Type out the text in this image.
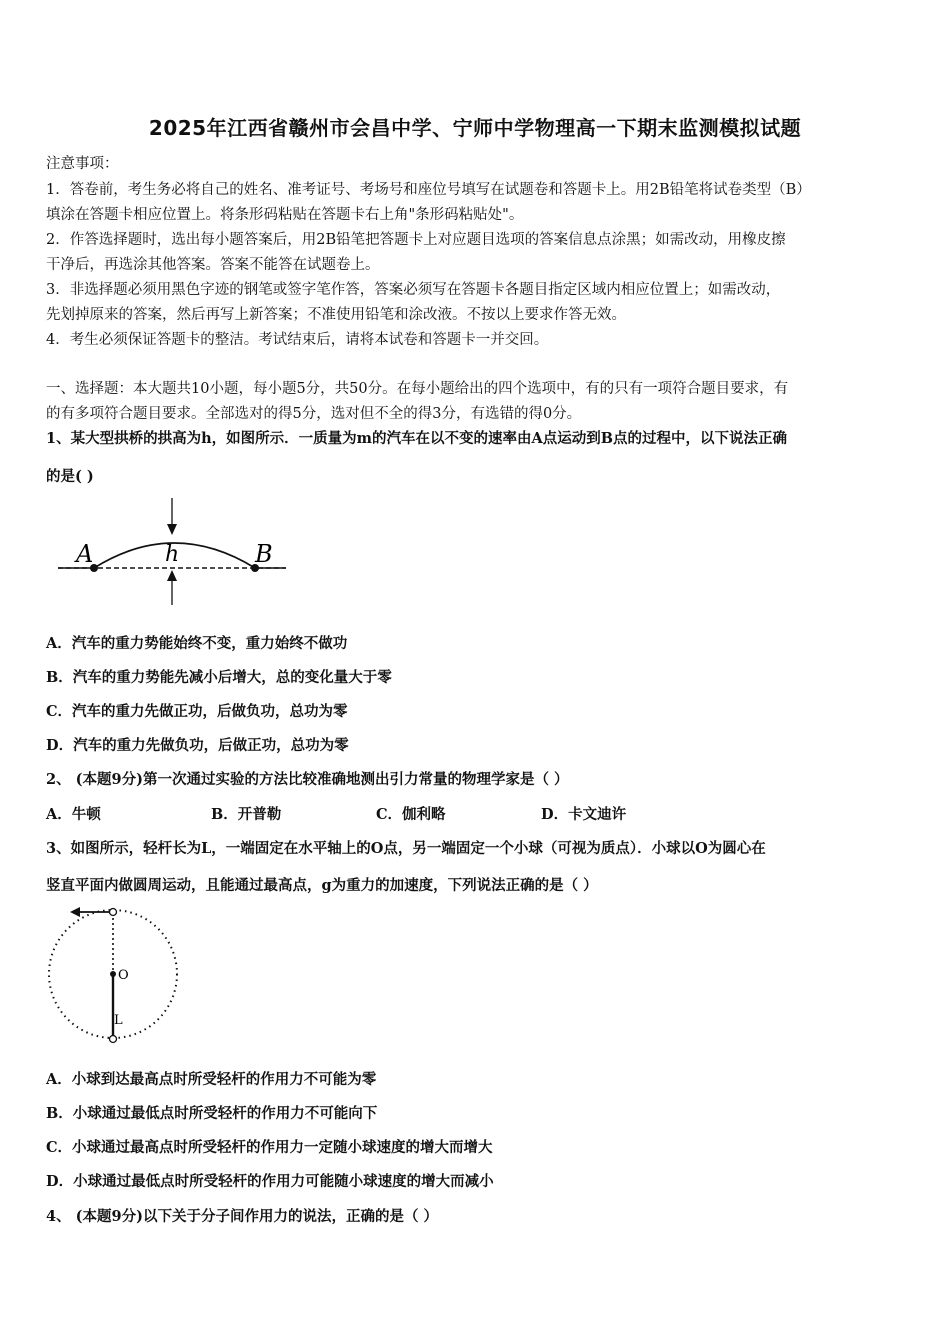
2025年江西省赣州市会昌中学、宁师中学物理高一下期末监测模拟试题
注意事项：
1．答卷前，考生务必将自己的姓名、准考证号、考场号和座位号填写在试题卷和答题卡上。用2B铅笔将试卷类型（B）
填涂在答题卡相应位置上。将条形码粘贴在答题卡右上角"条形码粘贴处"。
2．作答选择题时，选出每小题答案后，用2B铅笔把答题卡上对应题目选项的答案信息点涂黑；如需改动，用橡皮擦
干净后，再选涂其他答案。答案不能答在试题卷上。
3．非选择题必须用黑色字迹的钢笔或签字笔作答，答案必须写在答题卡各题目指定区域内相应位置上；如需改动，
先划掉原来的答案，然后再写上新答案；不准使用铅笔和涂改液。不按以上要求作答无效。
4．考生必须保证答题卡的整洁。考试结束后，请将本试卷和答题卡一并交回。
一、选择题：本大题共10小题，每小题5分，共50分。在每小题给出的四个选项中，有的只有一项符合题目要求，有
的有多项符合题目要求。全部选对的得5分，选对但不全的得3分，有选错的得0分。
1、某大型拱桥的拱高为h，如图所示．一质量为m的汽车在以不变的速率由A点运动到B点的过程中，以下说法正确
的是( )
A	h	B
A．汽车的重力势能始终不变，重力始终不做功
B．汽车的重力势能先减小后增大，总的变化量大于零
C．汽车的重力先做正功，后做负功，总功为零
D．汽车的重力先做负功，后做正功，总功为零
2、 (本题9分)第一次通过实验的方法比较准确地测出引力常量的物理学家是（ ）
A．牛顿	B．开普勒	C．伽利略	D．卡文迪许
3、如图所示，轻杆长为L，一端固定在水平轴上的O点，另一端固定一个小球（可视为质点）．小球以O为圆心在
竖直平面内做圆周运动，且能通过最高点，g为重力的加速度，下列说法正确的是（ ）
O
L
A．小球到达最高点时所受轻杆的作用力不可能为零
B．小球通过最低点时所受轻杆的作用力不可能向下
C．小球通过最高点时所受轻杆的作用力一定随小球速度的增大而增大
D．小球通过最低点时所受轻杆的作用力可能随小球速度的增大而减小
4、 (本题9分)以下关于分子间作用力的说法，正确的是（ ）
